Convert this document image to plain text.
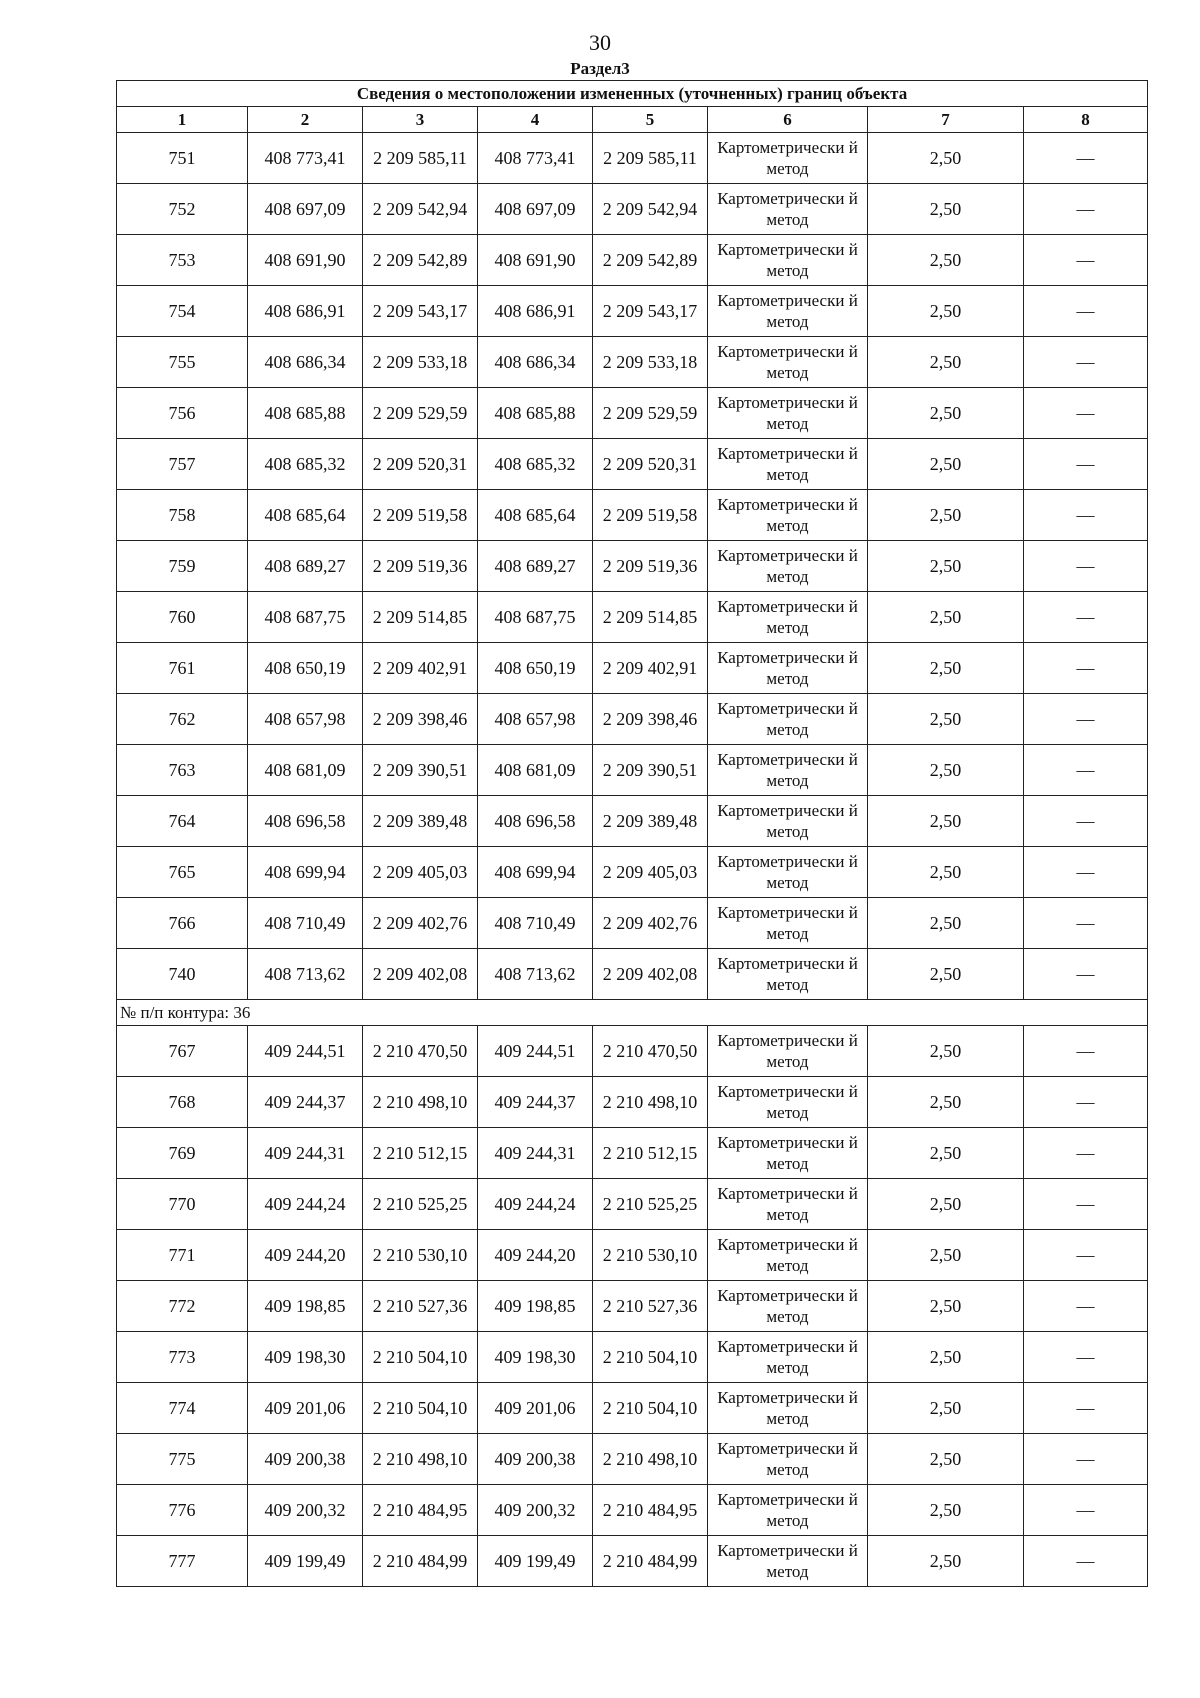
30
Раздел3
Сведения о местоположении измененных (уточненных) границ объекта							
1	2	3	4	5	6	7	8
751	408 773,41	2 209 585,11	408 773,41	2 209 585,11	Картометрически й метод	2,50	—
752	408 697,09	2 209 542,94	408 697,09	2 209 542,94	Картометрически й метод	2,50	—
753	408 691,90	2 209 542,89	408 691,90	2 209 542,89	Картометрически й метод	2,50	—
754	408 686,91	2 209 543,17	408 686,91	2 209 543,17	Картометрически й метод	2,50	—
755	408 686,34	2 209 533,18	408 686,34	2 209 533,18	Картометрически й метод	2,50	—
756	408 685,88	2 209 529,59	408 685,88	2 209 529,59	Картометрически й метод	2,50	—
757	408 685,32	2 209 520,31	408 685,32	2 209 520,31	Картометрически й метод	2,50	—
758	408 685,64	2 209 519,58	408 685,64	2 209 519,58	Картометрически й метод	2,50	—
759	408 689,27	2 209 519,36	408 689,27	2 209 519,36	Картометрически й метод	2,50	—
760	408 687,75	2 209 514,85	408 687,75	2 209 514,85	Картометрически й метод	2,50	—
761	408 650,19	2 209 402,91	408 650,19	2 209 402,91	Картометрически й метод	2,50	—
762	408 657,98	2 209 398,46	408 657,98	2 209 398,46	Картометрически й метод	2,50	—
763	408 681,09	2 209 390,51	408 681,09	2 209 390,51	Картометрически й метод	2,50	—
764	408 696,58	2 209 389,48	408 696,58	2 209 389,48	Картометрически й метод	2,50	—
765	408 699,94	2 209 405,03	408 699,94	2 209 405,03	Картометрически й метод	2,50	—
766	408 710,49	2 209 402,76	408 710,49	2 209 402,76	Картометрически й метод	2,50	—
740	408 713,62	2 209 402,08	408 713,62	2 209 402,08	Картометрически й метод	2,50	—
№ п/п контура: 36							
767	409 244,51	2 210 470,50	409 244,51	2 210 470,50	Картометрически й метод	2,50	—
768	409 244,37	2 210 498,10	409 244,37	2 210 498,10	Картометрически й метод	2,50	—
769	409 244,31	2 210 512,15	409 244,31	2 210 512,15	Картометрически й метод	2,50	—
770	409 244,24	2 210 525,25	409 244,24	2 210 525,25	Картометрически й метод	2,50	—
771	409 244,20	2 210 530,10	409 244,20	2 210 530,10	Картометрически й метод	2,50	—
772	409 198,85	2 210 527,36	409 198,85	2 210 527,36	Картометрически й метод	2,50	—
773	409 198,30	2 210 504,10	409 198,30	2 210 504,10	Картометрически й метод	2,50	—
774	409 201,06	2 210 504,10	409 201,06	2 210 504,10	Картометрически й метод	2,50	—
775	409 200,38	2 210 498,10	409 200,38	2 210 498,10	Картометрически й метод	2,50	—
776	409 200,32	2 210 484,95	409 200,32	2 210 484,95	Картометрически й метод	2,50	—
777	409 199,49	2 210 484,99	409 199,49	2 210 484,99	Картометрически й метод	2,50	—
